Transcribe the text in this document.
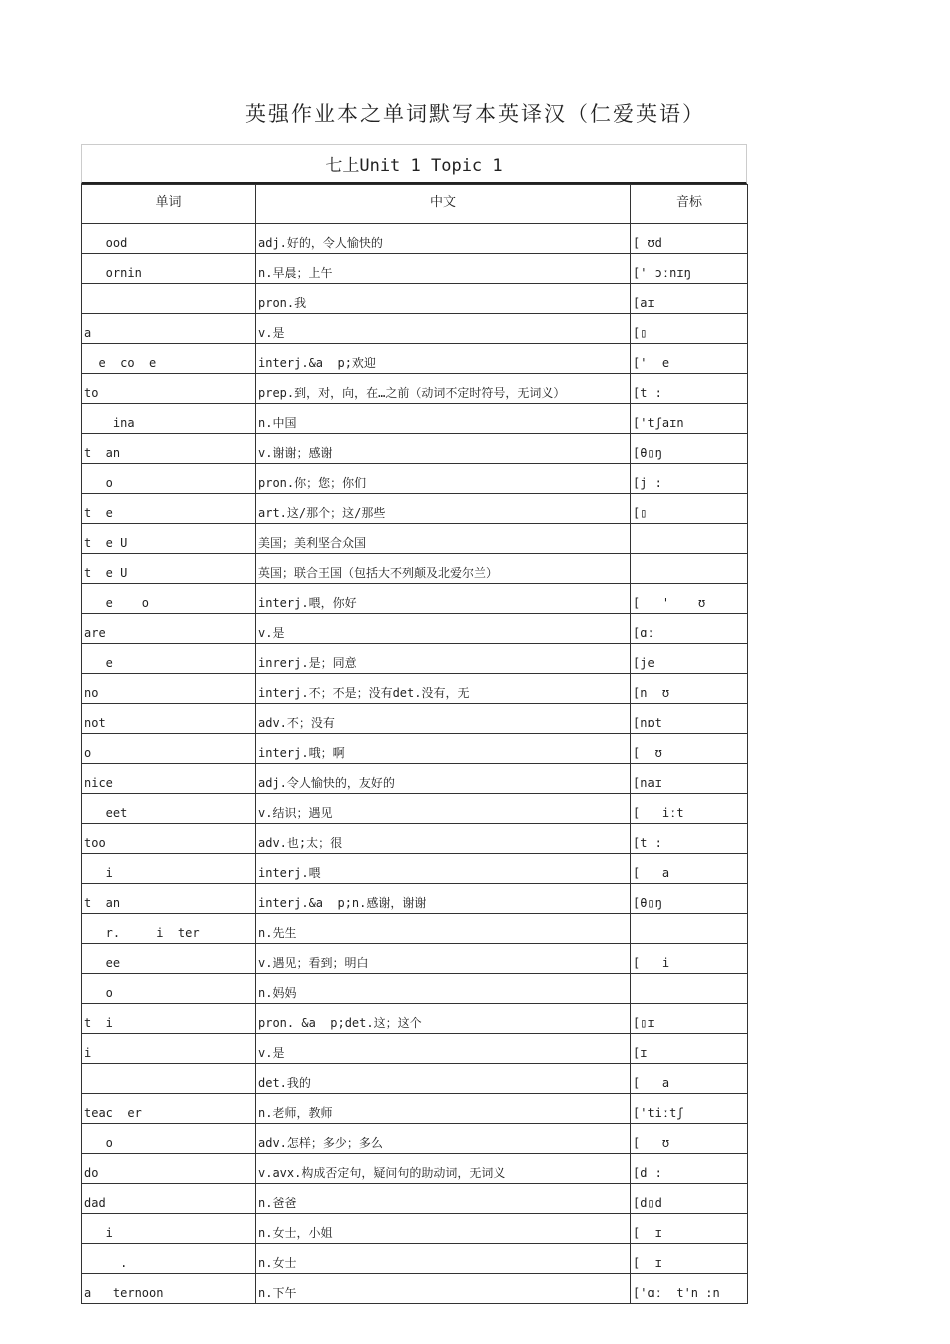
英强作业本之单词默写本英译汉（仁爱英语）
七上Unit 1 Topic 1
单词	中文	音标
ood	adj.好的，令人愉快的	[ ʊd
ornin	n.早晨；上午	[' ɔːnɪŋ
	pron.我	[aɪ
a	v.是	[▯
e  co  e	interj.&a  p;欢迎	['  e
to	prep.到，对，向，在…之前（动词不定时符号，无词义）	[t :
ina	n.中国	['tʃaɪn
t  an	v.谢谢；感谢	[θ▯ŋ
o	pron.你；您；你们	[j :
t  e	art.这/那个；这/那些	[▯
t  e U	美国；美利坚合众国	
t  e U	英国；联合王国（包括大不列颠及北爱尔兰）	
e    o	interj.喂，你好	[   '    ʊ
are	v.是	[ɑː
e	inrerj.是；同意	[je
no	interj.不；不是；没有det.没有，无	[n  ʊ
not	adv.不；没有	[nɒt
o	interj.哦；啊	[  ʊ
nice	adj.令人愉快的，友好的	[naɪ
eet	v.结识；遇见	[   iːt
too	adv.也;太；很	[t :
i	interj.喂	[   a
t  an	interj.&a  p;n.感谢，谢谢	[θ▯ŋ
r.     i  ter	n.先生	
ee	v.遇见；看到；明白	[   i
o	n.妈妈	
t  i	pron. &a  p;det.这；这个	[▯ɪ
i	v.是	[ɪ
	det.我的	[   a
teac  er	n.老师，教师	['tiːtʃ
o	adv.怎样；多少；多么	[   ʊ
do	v.avx.构成否定句，疑问句的助动词，无词义	[d :
dad	n.爸爸	[d▯d
i	n.女士，小姐	[  ɪ
.	n.女士	[  ɪ
a   ternoon	n.下午	['ɑː  t'n :n
